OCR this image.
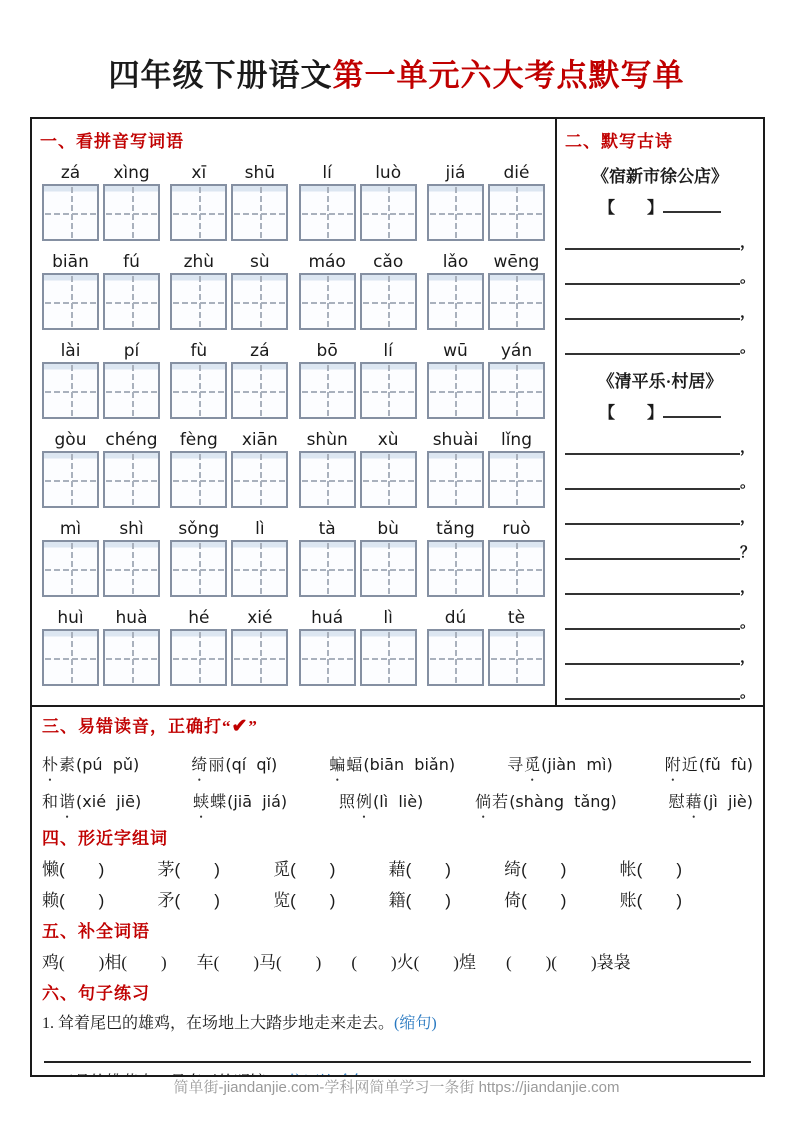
四年级下册语文第一单元六大考点默写单
一、看拼音写词语
zá	xìng	xī	shū	lí	luò	jiá	dié
biān	fú	zhù	sù	máo	cǎo	lǎo	wēng
lài	pí	fù	zá	bō	lí	wū	yán
gòu	chéng	fèng	xiān	shùn	xù	shuài	lǐng
mì	shì	sǒng	lì	tà	bù	tǎng	ruò
huì	huà	hé	xié	huá	lì	dú	tè
二、默写古诗
《宿新市徐公店》
【　　】
，
。
，
。
《清平乐·村居》
【　　】
，
。
，
？
，
。
，
。
三、易错读音，正确打“✔”
朴素(pú  pǔ)	绮丽(qí  qǐ)	蝙蝠(biān  biǎn)	寻觅(jiàn  mì)	附近(fǔ  fù)
和谐(xié  jiē)	蛱蝶(jiā  jiá)	照例(lì  liè)	倘若(shàng  tǎng)	慰藉(jì  jiè)
四、形近字组词
懒(　　)	茅(　　)	觅(　　)	藉(　　)	绮(　　)	帐(　　)
赖(　　)	矛(　　)	览(　　)	籍(　　)	倚(　　)	账(　　)
五、补全词语
鸡(　　)相(　　) 车(　　)马(　　) (　　)火(　　)煌 (　　)(　　)袅袅
六、句子练习
1. 耸着尾巴的雄鸡，在场地上大踏步地走来走去。(缩句)
简单街-jiandanjie.com-学科网简单学习一条街 https://jiandanjie.com
